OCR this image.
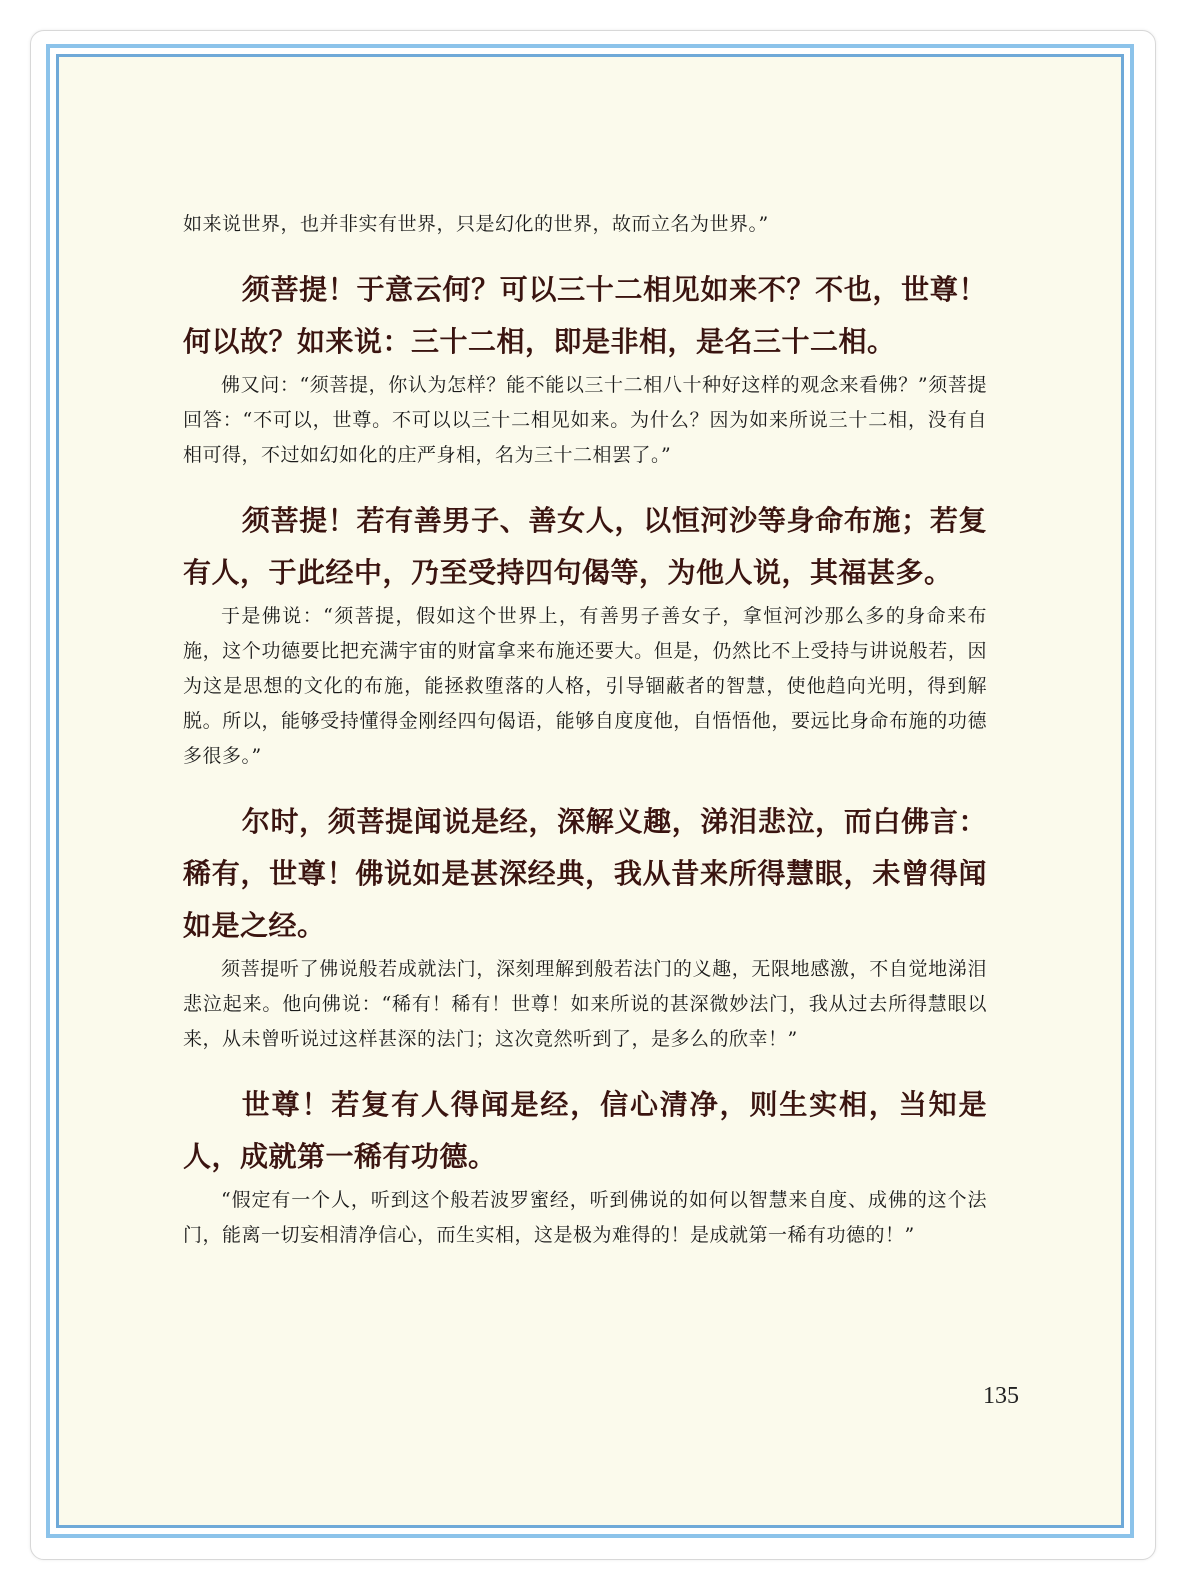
如来说世界，也并非实有世界，只是幻化的世界，故而立名为世界。”

须菩提！于意云何？可以三十二相见如来不？不也，世尊！何以故？如来说：三十二相，即是非相，是名三十二相。

佛又问：“须菩提，你认为怎样？能不能以三十二相八十种好这样的观念来看佛？”须菩提回答：“不可以，世尊。不可以以三十二相见如来。为什么？因为如来所说三十二相，没有自相可得，不过如幻如化的庄严身相，名为三十二相罢了。”

须菩提！若有善男子、善女人，以恒河沙等身命布施；若复有人，于此经中，乃至受持四句偈等，为他人说，其福甚多。

于是佛说：“须菩提，假如这个世界上，有善男子善女子，拿恒河沙那么多的身命来布施，这个功德要比把充满宇宙的财富拿来布施还要大。但是，仍然比不上受持与讲说般若，因为这是思想的文化的布施，能拯救堕落的人格，引导锢蔽者的智慧，使他趋向光明，得到解脱。所以，能够受持懂得金刚经四句偈语，能够自度度他，自悟悟他，要远比身命布施的功德多很多。”

尔时，须菩提闻说是经，深解义趣，涕泪悲泣，而白佛言：稀有，世尊！佛说如是甚深经典，我从昔来所得慧眼，未曾得闻如是之经。

须菩提听了佛说般若成就法门，深刻理解到般若法门的义趣，无限地感激，不自觉地涕泪悲泣起来。他向佛说：“稀有！稀有！世尊！如来所说的甚深微妙法门，我从过去所得慧眼以来，从未曾听说过这样甚深的法门；这次竟然听到了，是多么的欣幸！”

世尊！若复有人得闻是经，信心清净，则生实相，当知是人，成就第一稀有功德。

“假定有一个人，听到这个般若波罗蜜经，听到佛说的如何以智慧来自度、成佛的这个法门，能离一切妄相清净信心，而生实相，这是极为难得的！是成就第一稀有功德的！”

135
